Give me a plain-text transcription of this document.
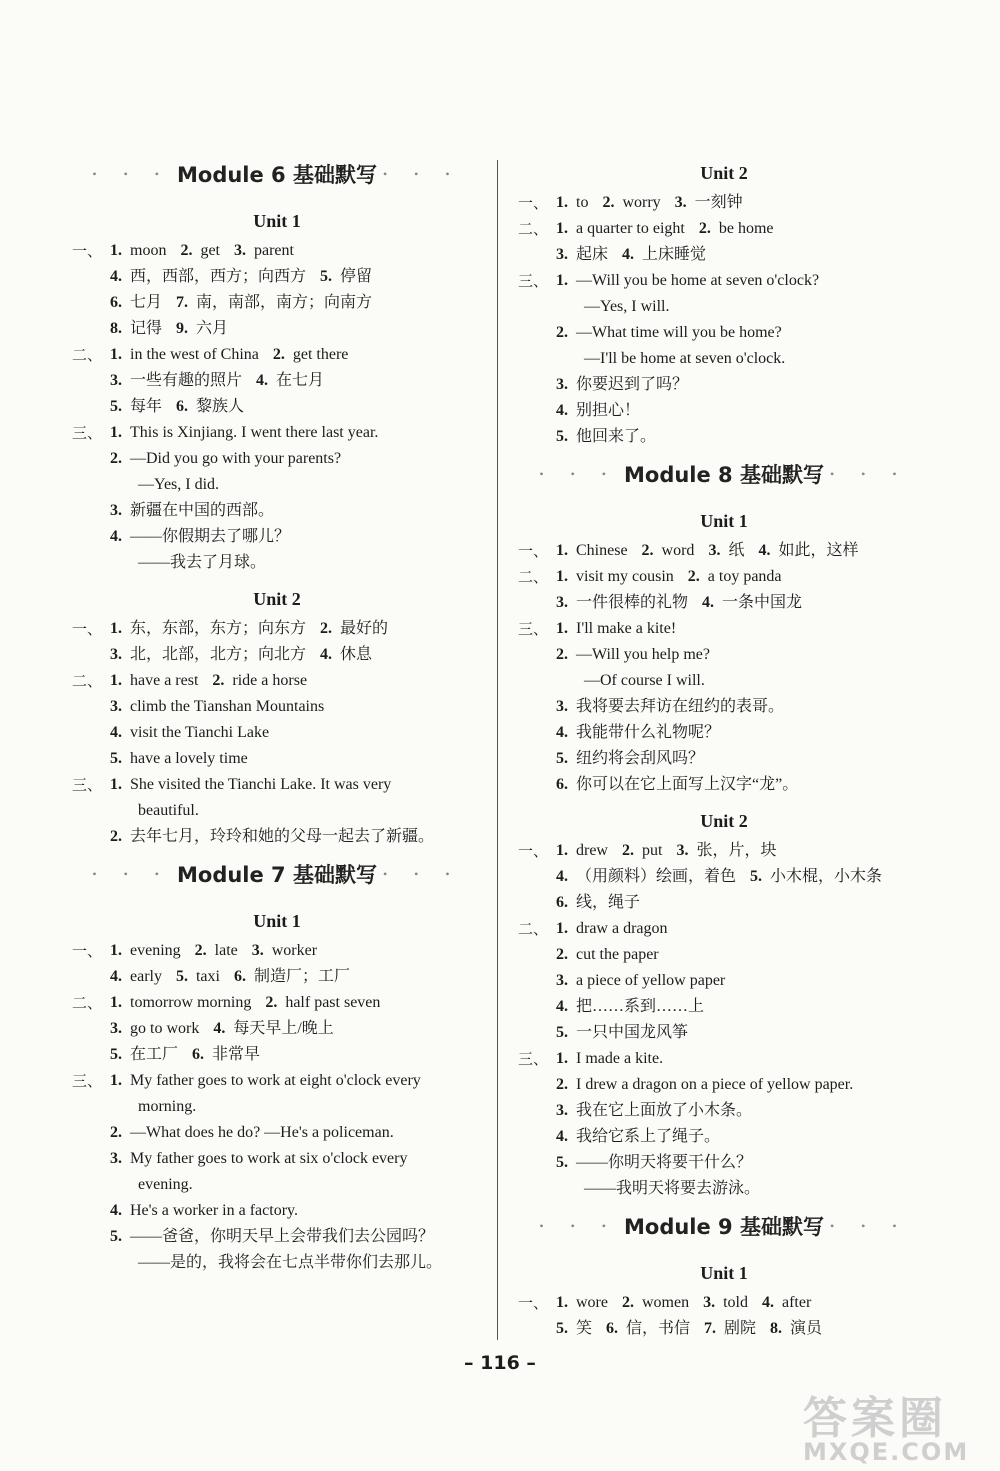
• • • Module 6 基础默写 • • •
Unit 1
一、 1. moon 2. get 3. parent
4. 西，西部，西方；向西方 5. 停留
6. 七月 7. 南，南部，南方；向南方
8. 记得 9. 六月
二、 1. in the west of China 2. get there
3. 一些有趣的照片 4. 在七月
5. 每年 6. 黎族人
三、 1. This is Xinjiang. I went there last year.
2. —Did you go with your parents?
—Yes, I did.
3. 新疆在中国的西部。
4. ——你假期去了哪儿？
——我去了月球。
Unit 2
一、 1. 东，东部，东方；向东方 2. 最好的
3. 北，北部，北方；向北方 4. 休息
二、 1. have a rest 2. ride a horse
3. climb the Tianshan Mountains
4. visit the Tianchi Lake
5. have a lovely time
三、 1. She visited the Tianchi Lake. It was very
beautiful.
2. 去年七月，玲玲和她的父母一起去了新疆。
• • • Module 7 基础默写 • • •
Unit 1
一、 1. evening 2. late 3. worker
4. early 5. taxi 6. 制造厂；工厂
二、 1. tomorrow morning 2. half past seven
3. go to work 4. 每天早上/晚上
5. 在工厂 6. 非常早
三、 1. My father goes to work at eight o'clock every
morning.
2. —What does he do? —He's a policeman.
3. My father goes to work at six o'clock every
evening.
4. He's a worker in a factory.
5. ——爸爸，你明天早上会带我们去公园吗？
——是的，我将会在七点半带你们去那儿。
Unit 2
一、 1. to 2. worry 3. 一刻钟
二、 1. a quarter to eight 2. be home
3. 起床 4. 上床睡觉
三、 1. —Will you be home at seven o'clock?
—Yes, I will.
2. —What time will you be home?
—I'll be home at seven o'clock.
3. 你要迟到了吗？
4. 别担心！
5. 他回来了。
• • • Module 8 基础默写 • • •
Unit 1
一、 1. Chinese 2. word 3. 纸 4. 如此，这样
二、 1. visit my cousin 2. a toy panda
3. 一件很棒的礼物 4. 一条中国龙
三、 1. I'll make a kite!
2. —Will you help me?
—Of course I will.
3. 我将要去拜访在纽约的表哥。
4. 我能带什么礼物呢？
5. 纽约将会刮风吗？
6. 你可以在它上面写上汉字“龙”。
Unit 2
一、 1. drew 2. put 3. 张，片，块
4. （用颜料）绘画，着色 5. 小木棍，小木条
6. 线，绳子
二、 1. draw a dragon
2. cut the paper
3. a piece of yellow paper
4. 把……系到……上
5. 一只中国龙风筝
三、 1. I made a kite.
2. I drew a dragon on a piece of yellow paper.
3. 我在它上面放了小木条。
4. 我给它系上了绳子。
5. ——你明天将要干什么？
——我明天将要去游泳。
• • • Module 9 基础默写 • • •
Unit 1
一、 1. wore 2. women 3. told 4. after
5. 笑 6. 信，书信 7. 剧院 8. 演员
– 116 –
答案圈
MXQE.COM
